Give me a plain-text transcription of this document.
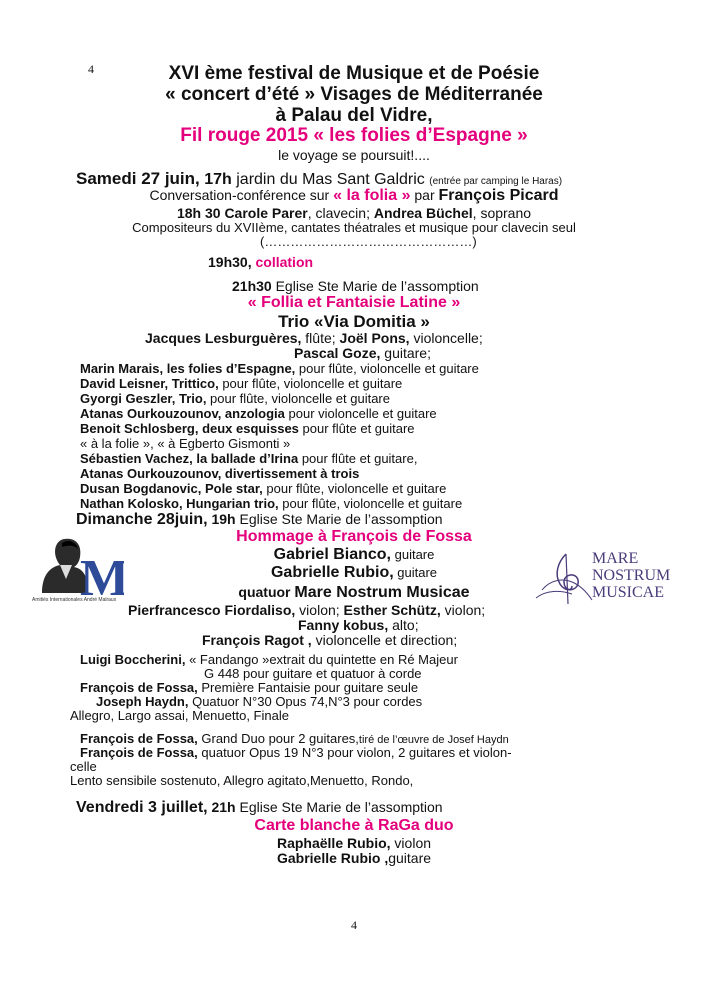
4	XVI ème festival de Musique et de Poésie
« concert d’été » Visages de Méditerranée
à Palau del Vidre,
Fil rouge 2015 « les folies d’Espagne »
le voyage se poursuit!....
Samedi 27 juin, 17h jardin du Mas Sant Galdric (entrée par camping le Haras)
Conversation-conférence sur « la folia » par François Picard
18h 30 Carole Parer, clavecin; Andrea Büchel, soprano
Compositeurs du XVIIème, cantates théatrales et musique pour clavecin seul
(…………………………………………)
19h30, collation
21h30 Eglise Ste Marie de l’assomption
« Follia et Fantaisie Latine »
Trio «Via Domitia »
Jacques Lesburguères, flûte; Joël Pons, violoncelle;
Pascal Goze, guitare;
Marin Marais, les folies d’Espagne, pour flûte, violoncelle et guitare
David Leisner, Trittico, pour flûte, violoncelle et guitare
Gyorgi Geszler, Trio, pour flûte, violoncelle et guitare
Atanas Ourkouzounov, anzologia pour violoncelle et guitare
Benoit Schlosberg, deux esquisses pour flûte et guitare
« à la folie », « à Egberto Gismonti »
Sébastien Vachez, la ballade d’Irina pour flûte et guitare,
Atanas Ourkouzounov, divertissement à trois
Dusan Bogdanovic, Pole star, pour flûte, violoncelle et guitare
Nathan Kolosko, Hungarian trio, pour flûte, violoncelle et guitare
Dimanche 28juin, 19h Eglise Ste Marie de l’assomption
Hommage à François de Fossa
Gabriel Bianco, guitare
Gabrielle Rubio, guitare
M
Amitiés Internationales André Malraux
MARE
NOSTRUM
MUSICAE
quatuor Mare Nostrum Musicae
Pierfrancesco Fiordaliso, violon; Esther Schütz, violon;
Fanny kobus, alto;
François Ragot , violoncelle et direction;
Luigi Boccherini, « Fandango »extrait du quintette en Ré Majeur
G 448 pour guitare et quatuor à corde
François de Fossa, Première Fantaisie pour guitare seule
Joseph Haydn, Quatuor N°30 Opus 74,N°3 pour cordes
Allegro, Largo assai, Menuetto, Finale
François de Fossa, Grand Duo pour 2 guitares,tiré de l’œuvre de Josef Haydn
François de Fossa, quatuor Opus 19 N°3 pour violon, 2 guitares et violon-
celle
Lento sensibile sostenuto, Allegro agitato,Menuetto, Rondo,
Vendredi 3 juillet, 21h Eglise Ste Marie de l’assomption
Carte blanche à RaGa duo
Raphaëlle Rubio, violon
Gabrielle Rubio ,guitare
4
